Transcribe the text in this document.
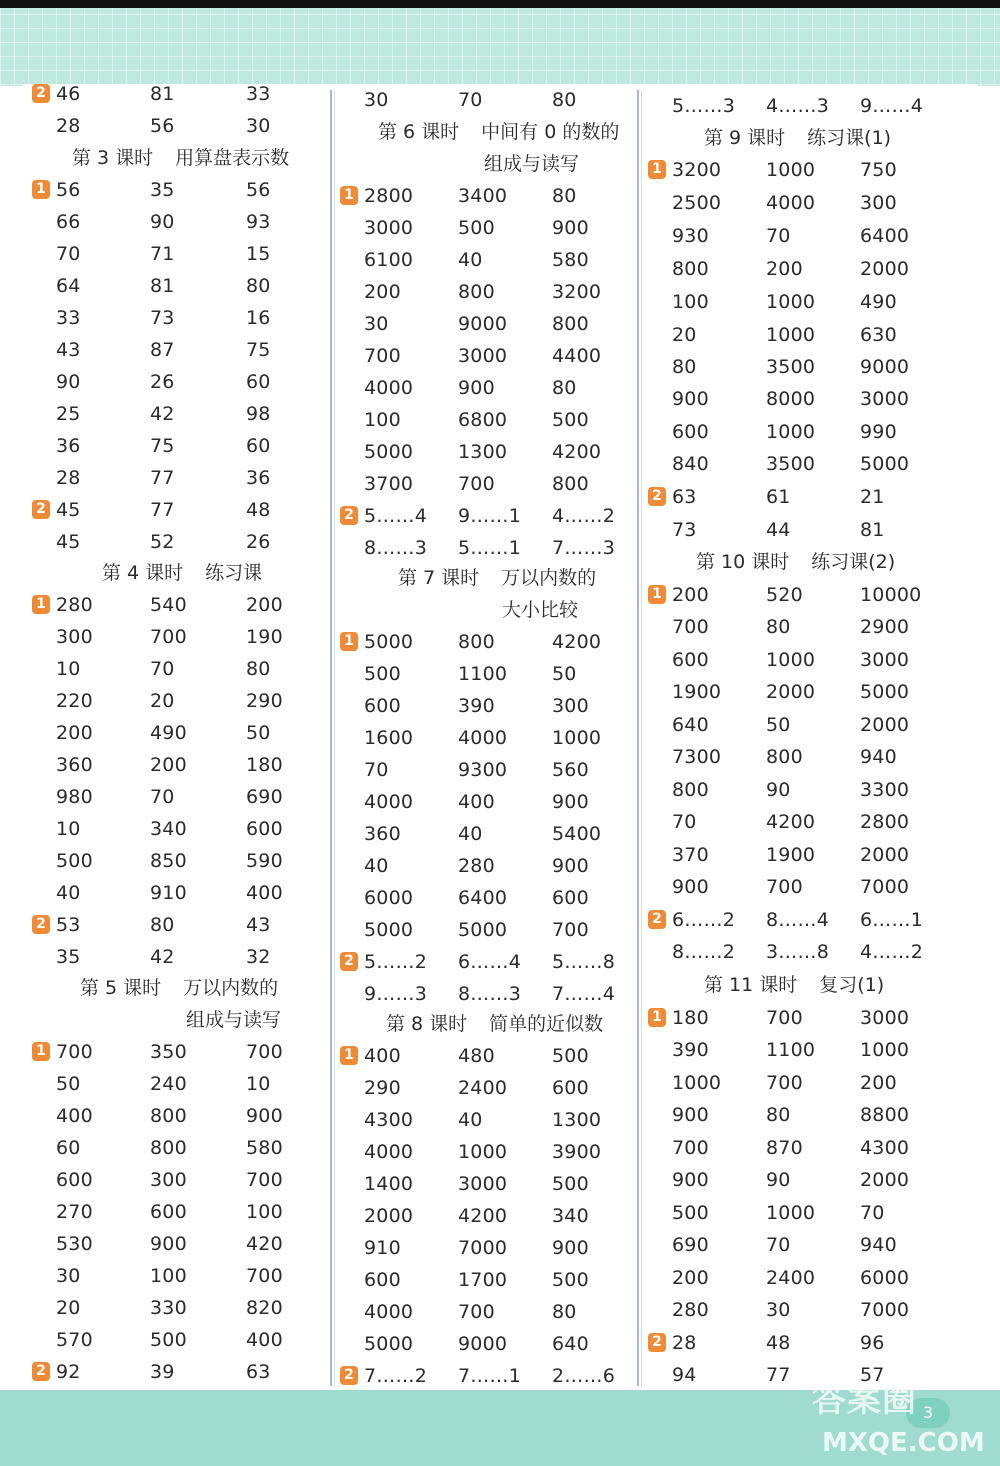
2 46	81	33
28	56	30
第 3 课时 用算盘表示数
1 56	35	56
66	90	93
70	71	15
64	81	80
33	73	16
43	87	75
90	26	60
25	42	98
36	75	60
28	77	36
2 45	77	48
45	52	26
第 4 课时 练习课
1 280	540	200
300	700	190
10	70	80
220	20	290
200	490	50
360	200	180
980	70	690
10	340	600
500	850	590
40	910	400
2 53	80	43
35	42	32
第 5 课时 万以内数的
组成与读写
1 700	350	700
50	240	10
400	800	900
60	800	580
600	300	700
270	600	100
530	900	420
30	100	700
20	330	820
570	500	400
2 92	39	63
30	70	80
第 6 课时 中间有 0 的数的
组成与读写
1 2800 3400 80
3000 500	900
6100 40	580
200	800	3200
30	9000 800
700	3000 4400
4000 900	80
100	6800 500
5000 1300 4200
3700 700	800
2 5……4 9……1 4……2
8……3 5……1 7……3
第 7 课时 万以内数的
大小比较
1 5000 800	4200
500	1100 50
600	390	300
1600 4000 1000
70	9300 560
4000 400	900
360	40	5400
40	280	900
6000 6400 600
5000 5000 700
2 5……2 6……4 5……8
9……3 8……3 7……4
第 8 课时 简单的近似数
1 400	480	500
290	2400 600
4300 40	1300
4000 1000 3900
1400 3000 500
2000 4200 340
910	7000 900
600	1700 500
4000 700	80
5000 9000 640
2 7……2 7……1 2……6
5……3 4……3 9……4
第 9 课时 练习课(1)
1 3200 1000 750
2500 4000 300
930	70	6400
800	200	2000
100	1000 490
20	1000 630
80	3500 9000
900	8000 3000
600	1000 990
840	3500 5000
2 63	61	21
73	44	81
第 10 课时 练习课(2)
1 200	520	10000
700	80	2900
600	1000 3000
1900 2000 5000
640	50	2000
7300 800	940
800	90	3300
70	4200 2800
370	1900 2000
900	700	7000
2 6……2 8……4 6……1
8……2 3……8 4……2
第 11 课时 复习(1)
1 180	700	3000
390	1100 1000
1000 700	200
900	80	8800
700	870	4300
900	90	2000
500	1000 70
690	70	940
200	2400 6000
280	30	7000
2 28	48	96
94	77	57
3
答案圈
MXQE.COM
